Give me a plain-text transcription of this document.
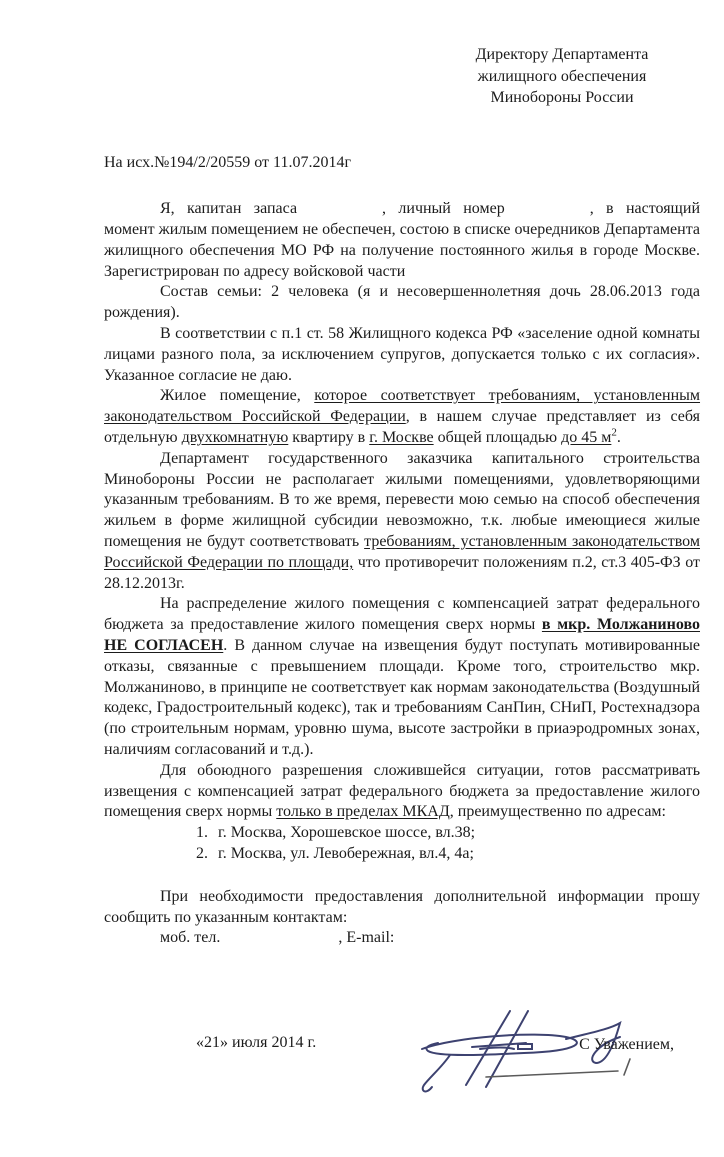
Директору Департамента
жилищного обеспечения
Минобороны России
На исх.№194/2/20559 от 11.07.2014г

Я, капитан запаса	, личный номер	, в настоящий момент жилым помещением не обеспечен, состою в списке очередников Департамента жилищного обеспечения МО РФ на получение постоянного жилья в городе Москве. Зарегистрирован по адресу войсковой части

Состав семьи: 2 человека (я и несовершеннолетняя дочь 28.06.2013 года рождения).

В соответствии с п.1 ст. 58 Жилищного кодекса РФ «заселение одной комнаты лицами разного пола, за исключением супругов, допускается только с их согласия». Указанное согласие не даю.

Жилое помещение, которое соответствует требованиям, установленным законодательством Российской Федерации, в нашем случае представляет из себя отдельную двухкомнатную квартиру в г. Москве общей площадью до 45 $м^2$.

Департамент государственного заказчика капитального строительства Минобороны России не располагает жилыми помещениями, удовлетворяющими указанным требованиям. В то же время, перевести мою семью на способ обеспечения жильем в форме жилищной субсидии невозможно, т.к. любые имеющиеся жилые помещения не будут соответствовать требованиям, установленным законодательством Российской Федерации по площади, что противоречит положениям п.2, ст.3 405-ФЗ от 28.12.2013г.

На распределение жилого помещения с компенсацией затрат федерального бюджета за предоставление жилого помещения сверх нормы в мкр. Молжаниново НЕ СОГЛАСЕН. В данном случае на извещения будут поступать мотивированные отказы, связанные с превышением площади. Кроме того, строительство мкр. Молжаниново, в принципе не соответствует как нормам законодательства (Воздушный кодекс, Градостроительный кодекс), так и требованиям СанПин, СНиП, Ростехнадзора (по строительным нормам, уровню шума, высоте застройки в приаэродромных зонах, наличиям согласований и т.д.).

Для обоюдного разрешения сложившейся ситуации, готов рассматривать извещения с компенсацией затрат федерального бюджета за предоставление жилого помещения сверх нормы только в пределах МКАД, преимущественно по адресам:

1. г. Москва, Хорошевское шоссе, вл.38;
2. г. Москва, ул. Левобережная, вл.4, 4а;

При необходимости предоставления дополнительной информации прошу сообщить по указанным контактам:

моб. тел.	, E-mail:

«21» июля 2014 г.	С Уважением,
